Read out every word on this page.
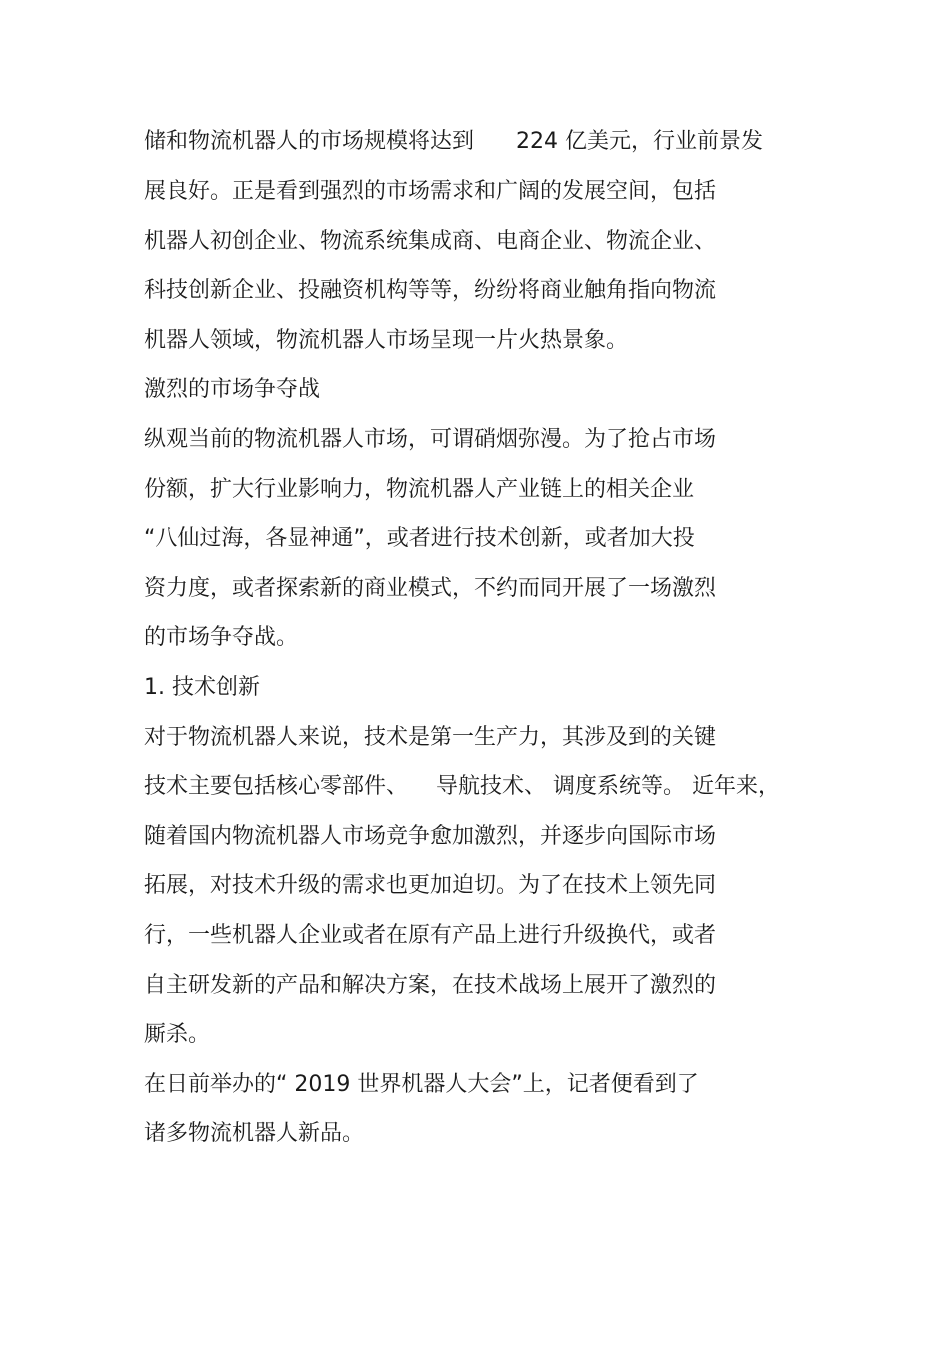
储和物流机器人的市场规模将达到      224 亿美元，行业前景发

展良好。正是看到强烈的市场需求和广阔的发展空间，包括

机器人初创企业、物流系统集成商、电商企业、物流企业、

科技创新企业、投融资机构等等，纷纷将商业触角指向物流

机器人领域，物流机器人市场呈现一片火热景象。

激烈的市场争夺战

纵观当前的物流机器人市场，可谓硝烟弥漫。为了抢占市场

份额，扩大行业影响力，物流机器人产业链上的相关企业

“八仙过海，各显神通”，或者进行技术创新，或者加大投

资力度，或者探索新的商业模式，不约而同开展了一场激烈

的市场争夺战。

1. 技术创新

对于物流机器人来说，技术是第一生产力，其涉及到的关键

技术主要包括核心零部件、    导航技术、 调度系统等。 近年来，

随着国内物流机器人市场竞争愈加激烈，并逐步向国际市场

拓展，对技术升级的需求也更加迫切。为了在技术上领先同

行，一些机器人企业或者在原有产品上进行升级换代，或者

自主研发新的产品和解决方案，在技术战场上展开了激烈的

厮杀。

在日前举办的“ 2019 世界机器人大会”上，记者便看到了

诸多物流机器人新品。
